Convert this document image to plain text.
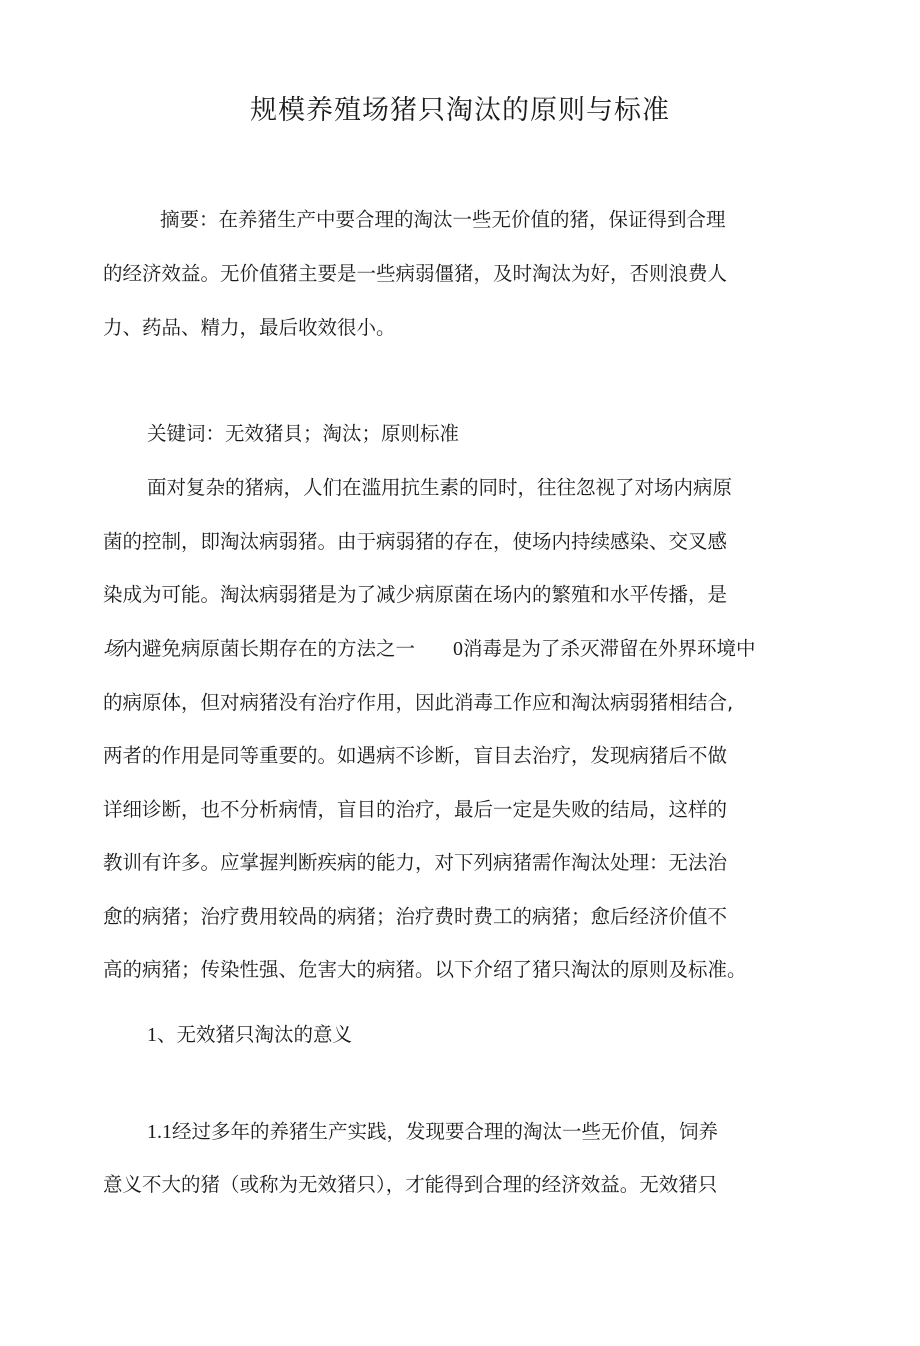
规模养殖场猪只淘汰的原则与标准
摘要：在养猪生产中要合理的淘汰一些无价值的猪，保证得到合理
的经济效益。无价值猪主要是一些病弱僵猪，及时淘汰为好，否则浪费人
力、药品、精力，最后收效很小。
关键词：无效猪貝；淘汰；原则标准
面对复杂的猪病，人们在滥用抗生素的同时，往往忽视了对场内病原
菌的控制，即淘汰病弱猪。由于病弱猪的存在，使场内持续感染、交叉感
染成为可能。淘汰病弱猪是为了减少病原菌在场内的繁殖和水平传播，是
场内避免病原菌长期存在的方法之一 0消毒是为了杀灭滞留在外界环境中
的病原体，但对病猪没有治疗作用，因此消毒工作应和淘汰病弱猪相结合,
两者的作用是同等重要的。如遇病不诊断，盲目去治疗，发现病猪后不做
详细诊断，也不分析病情，盲目的治疗，最后一定是失败的结局，这样的
教训有许多。应掌握判断疾病的能力，对下列病猪需作淘汰处理：无法治
愈的病猪；治疗费用较咼的病猪；治疗费时费工的病猪；愈后经济价值不
高的病猪；传染性强、危害大的病猪。以下介绍了猪只淘汰的原则及标准。
1、无效猪只淘汰的意义
1.1经过多年的养猪生产实践，发现要合理的淘汰一些无价值，饲养
意义不大的猪（或称为无效猪只），才能得到合理的经济效益。无效猪只
